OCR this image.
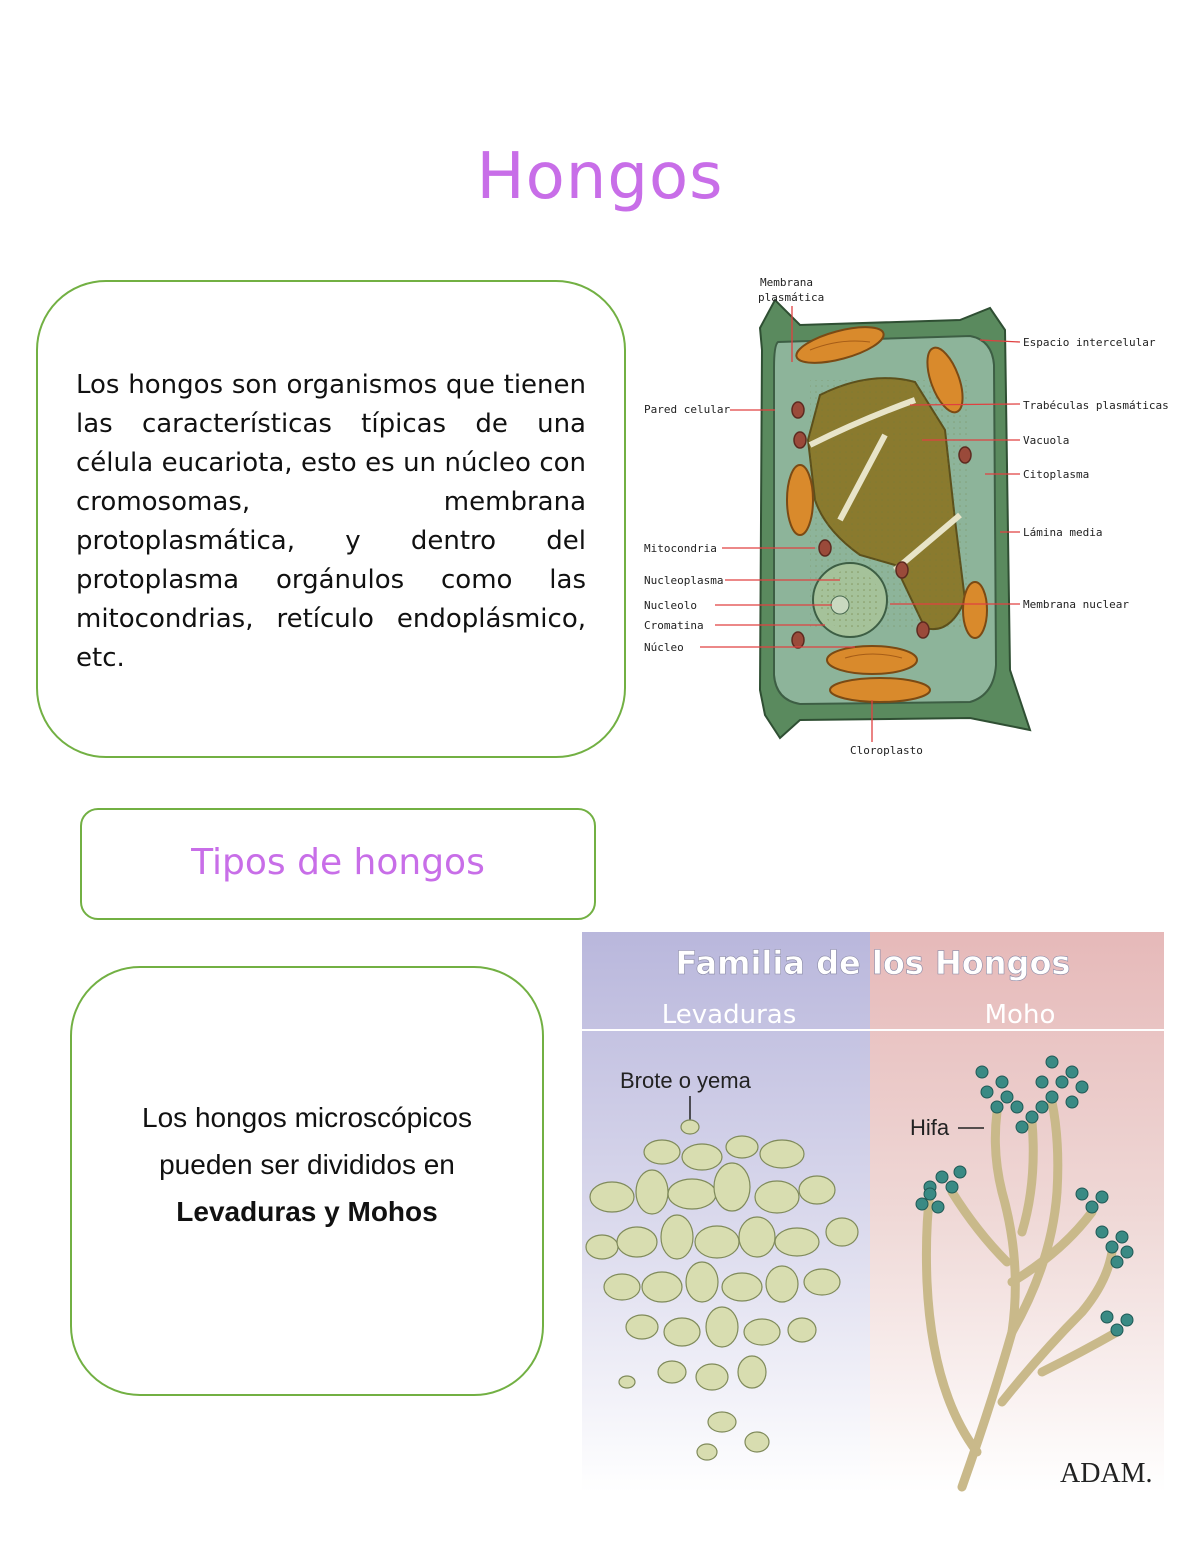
Hongos
Los hongos son organismos que tienen las características típicas de una célula eucariota, esto es un núcleo con cromosomas, membrana protoplasmática, y dentro del protoplasma orgánulos como las mitocondrias, retículo endoplásmico, etc.
Membrana
plasmática
Espacio intercelular
Pared celular	Trabéculas plasmáticas
Vacuola
Citoplasma
Lámina media
Mitocondria
Nucleoplasma
Nucleolo	Membrana nuclear
Cromatina
Núcleo
Cloroplasto
Tipos de hongos
Los hongos microscópicos
pueden ser divididos en
Levaduras y Mohos
Familia de los Hongos
Levaduras	Moho
Brote o yema
Hifa
ADAM.
